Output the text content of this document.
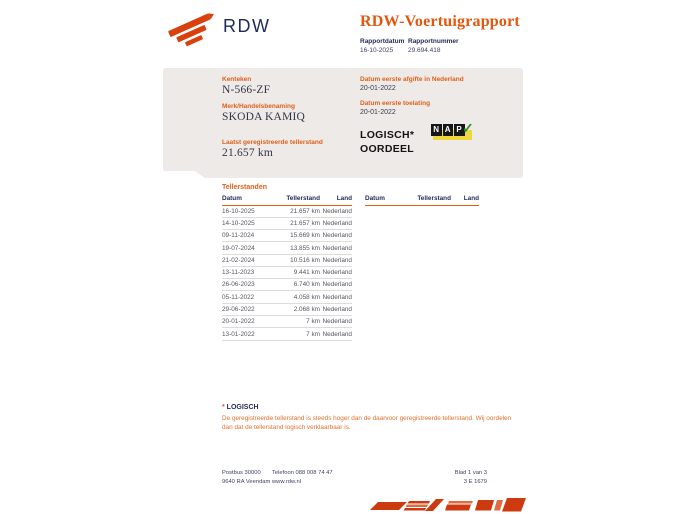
RDW	RDW-Voertuigrapport
Rapportdatum
16-10-2025
Rapportnummer
29.694.418
Kenteken
N-566-ZF
Merk/Handelsbenaming
SKODA KAMIQ
Laatst geregistreerde tellerstand
21.657 km
Datum eerste afgifte in Nederland
20-01-2022
Datum eerste toelating
20-01-2022
LOGISCH*
OORDEEL
N A P ✓
Tellerstanden
Datum	Tellerstand	Land
16-10-2025	21.657 km	Nederland
14-10-2025	21.657 km	Nederland
09-11-2024	15.669 km	Nederland
19-07-2024	13.855 km	Nederland
21-02-2024	10.516 km	Nederland
13-11-2023	9.441 km	Nederland
26-06-2023	6.740 km	Nederland
05-11-2022	4.058 km	Nederland
29-06-2022	2.068 km	Nederland
20-01-2022	7 km	Nederland
13-01-2022	7 km	Nederland
Datum	Tellerstand	Land
* LOGISCH
De geregistreerde tellerstand is steeds hoger dan de daarvoor geregistreerde tellerstand. Wij oordelen dan dat de tellerstand logisch verklaarbaar is.
Postbus 30000
9640 RA Veendam
Telefoon 088 008 74 47
www.rdw.nl
Blad 1 van 3
3 E 1679
